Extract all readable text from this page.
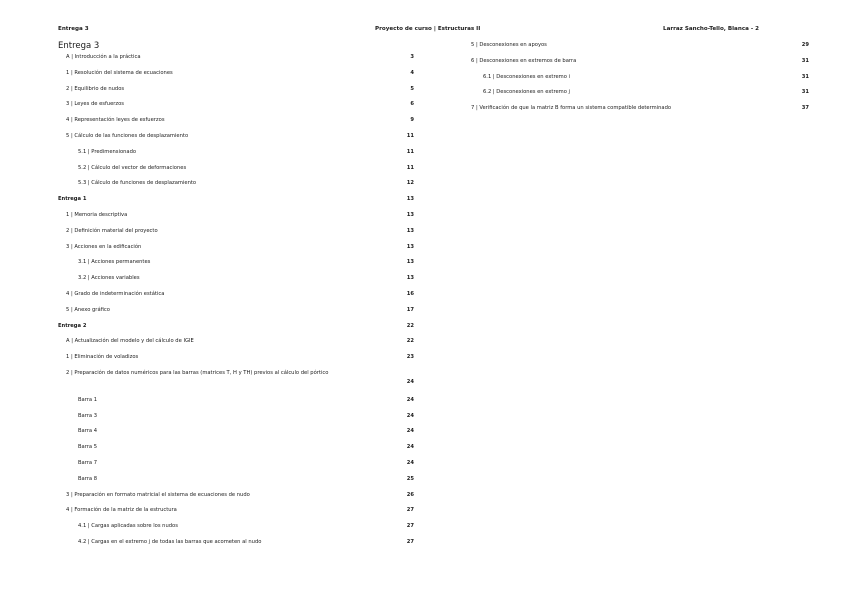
Entrega 3	Proyecto de curso | Estructuras II	Larraz Sancho-Tello, Blanca - 2
Entrega 3
A | Introducción a la práctica	3
1 | Resolución del sistema de ecuaciones	4
2 | Equilibrio de nudos	5
3 | Leyes de esfuerzos	6
4 | Representación leyes de esfuerzos	9
5 | Cálculo de las funciones de desplazamiento	11
5.1 | Predimensionado	11
5.2 | Cálculo del vector de deformaciones	11
5.3 | Cálculo de funciones de desplazamiento	12
Entrega 1	13
1 | Memoria descriptiva	13
2 | Definición material del proyecto	13
3 | Acciones en la edificación	13
3.1 | Acciones permanentes	13
3.2 | Acciones variables	13
4 | Grado de indeterminación estática	16
5 | Anexo gráfico	17
Entrega 2	22
A | Actualización del modelo y del cálculo de IGIE	22
1 | Eliminación de voladizos	23
2 | Preparación de datos numéricos para las barras (matrices T, H y TH) previos al cálculo del pórtico
24
Barra 1	24
Barra 3	24
Barra 4	24
Barra 5	24
Barra 7	24
Barra 8	25
3 | Preparación en formato matricial el sistema de ecuaciones de nudo	26
4 | Formación de la matriz de la estructura	27
4.1 | Cargas aplicadas sobre los nudos	27
4.2 | Cargas en el extremo j de todas las barras que acometen al nudo	27
5 | Desconexiones en apoyos	29
6 | Desconexiones en extremos de barra	31
6.1 | Desconexiones en extremo i	31
6.2 | Desconexiones en extremo j	31
7 | Verificación de que la matriz B forma un sistema compatible determinado	37
